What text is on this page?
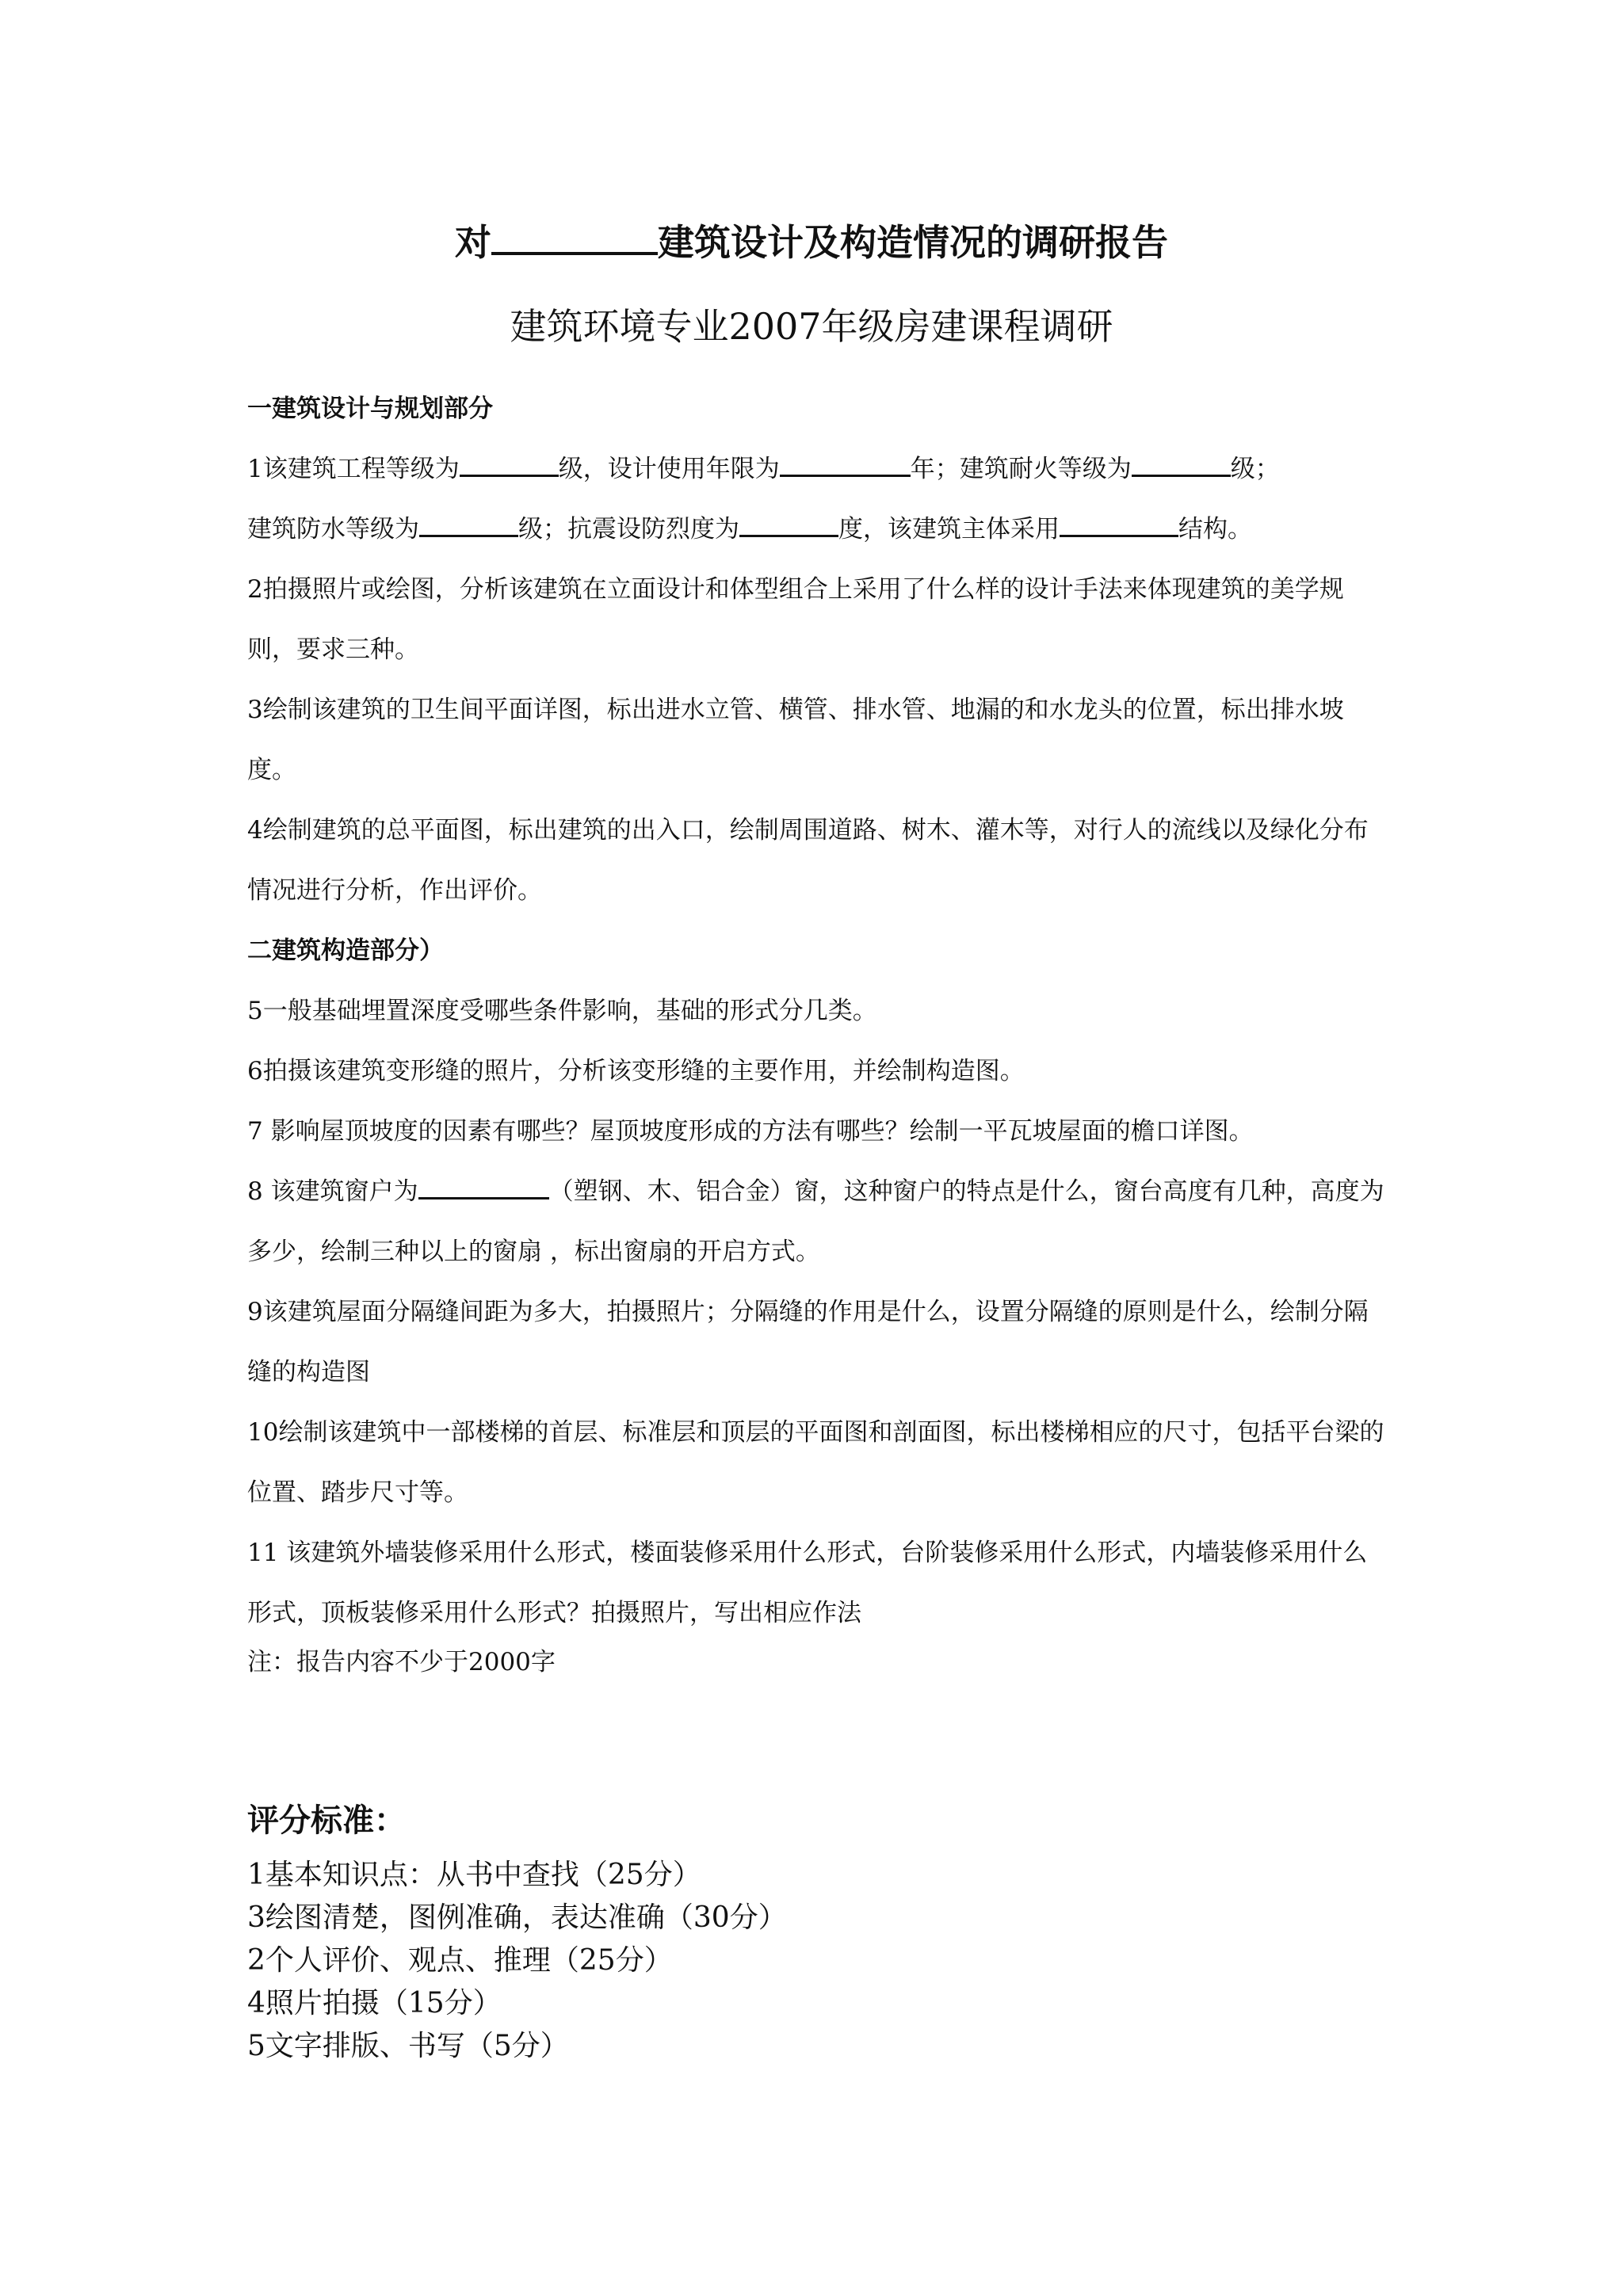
对	建筑设计及构造情况的调研报告
建筑环境专业2007年级房建课程调研
一建筑设计与规划部分
1该建筑工程等级为	级，设计使用年限为	年；建筑耐火等级为	级；
建筑防水等级为	级；抗震设防烈度为	度，该建筑主体采用	结构。
2拍摄照片或绘图，分析该建筑在立面设计和体型组合上采用了什么样的设计手法来体现建筑的美学规则，要求三种。
3绘制该建筑的卫生间平面详图，标出进水立管、横管、排水管、地漏的和水龙头的位置，标出排水坡度。
4绘制建筑的总平面图，标出建筑的出入口，绘制周围道路、树木、灌木等，对行人的流线以及绿化分布情况进行分析，作出评价。
二建筑构造部分）
5一般基础埋置深度受哪些条件影响，基础的形式分几类。
6拍摄该建筑变形缝的照片，分析该变形缝的主要作用，并绘制构造图。
7 影响屋顶坡度的因素有哪些？屋顶坡度形成的方法有哪些？绘制一平瓦坡屋面的檐口详图。
8 该建筑窗户为	（塑钢、木、铝合金）窗，这种窗户的特点是什么，窗台高度有几种，高度为多少，绘制三种以上的窗扇 ，标出窗扇的开启方式。
9该建筑屋面分隔缝间距为多大，拍摄照片；分隔缝的作用是什么，设置分隔缝的原则是什么，绘制分隔缝的构造图
10绘制该建筑中一部楼梯的首层、标准层和顶层的平面图和剖面图，标出楼梯相应的尺寸，包括平台梁的位置、踏步尺寸等。
11 该建筑外墙装修采用什么形式，楼面装修采用什么形式，台阶装修采用什么形式，内墙装修采用什么形式，顶板装修采用什么形式？拍摄照片，写出相应作法
注：报告内容不少于2000字
评分标准：
1基本知识点：从书中查找（25分）
3绘图清楚，图例准确，表达准确（30分）
2个人评价、观点、推理（25分）
4照片拍摄（15分）
5文字排版、书写（5分）
